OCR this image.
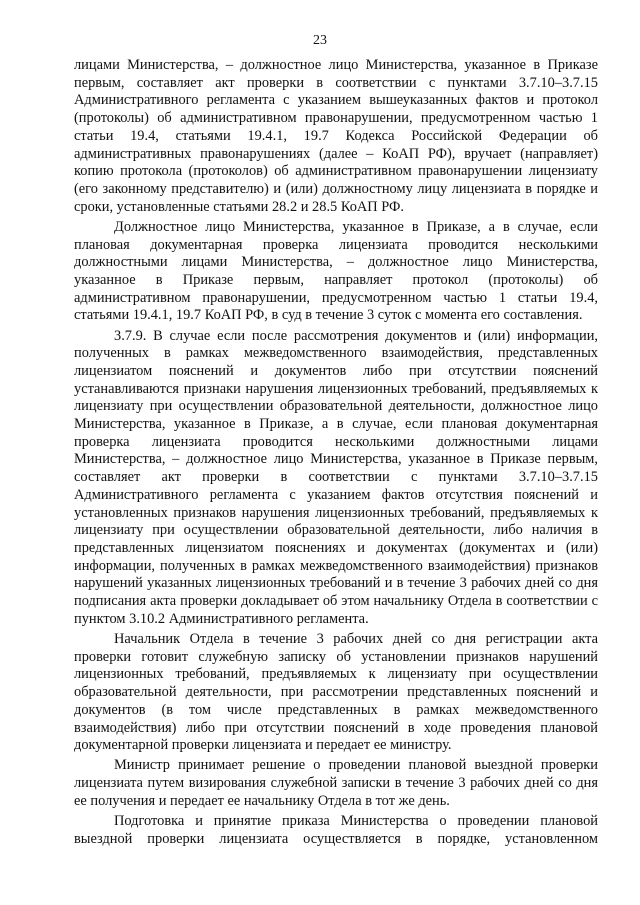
23

лицами Министерства, – должностное лицо Министерства, указанное в Приказе первым, составляет акт проверки в соответствии с пунктами 3.7.10–3.7.15 Административного регламента с указанием вышеуказанных фактов и протокол (протоколы) об административном правонарушении, предусмотренном частью 1 статьи 19.4, статьями 19.4.1, 19.7 Кодекса Российской Федерации об административных правонарушениях (далее – КоАП РФ), вручает (направляет) копию протокола (протоколов) об административном правонарушении лицензиату (его законному представителю) и (или) должностному лицу лицензиата в порядке и сроки, установленные статьями 28.2 и 28.5 КоАП РФ.

Должностное лицо Министерства, указанное в Приказе, а в случае, если плановая документарная проверка лицензиата проводится несколькими должностными лицами Министерства, – должностное лицо Министерства, указанное в Приказе первым, направляет протокол (протоколы) об административном правонарушении, предусмотренном частью 1 статьи 19.4, статьями 19.4.1, 19.7 КоАП РФ, в суд в течение 3 суток с момента его составления.

3.7.9. В случае если после рассмотрения документов и (или) информации, полученных в рамках межведомственного взаимодействия, представленных лицензиатом пояснений и документов либо при отсутствии пояснений устанавливаются признаки нарушения лицензионных требований, предъявляемых к лицензиату при осуществлении образовательной деятельности, должностное лицо Министерства, указанное в Приказе, а в случае, если плановая документарная проверка лицензиата проводится несколькими должностными лицами Министерства, – должностное лицо Министерства, указанное в Приказе первым, составляет акт проверки в соответствии с пунктами 3.7.10–3.7.15 Административного регламента с указанием фактов отсутствия пояснений и установленных признаков нарушения лицензионных требований, предъявляемых к лицензиату при осуществлении образовательной деятельности, либо наличия в представленных лицензиатом пояснениях и документах (документах и (или) информации, полученных в рамках межведомственного взаимодействия) признаков нарушений указанных лицензионных требований и в течение 3 рабочих дней со дня подписания акта проверки докладывает об этом начальнику Отдела в соответствии с пунктом 3.10.2 Административного регламента.

Начальник Отдела в течение 3 рабочих дней со дня регистрации акта проверки готовит служебную записку об установлении признаков нарушений лицензионных требований, предъявляемых к лицензиату при осуществлении образовательной деятельности, при рассмотрении представленных пояснений и документов (в том числе представленных в рамках межведомственного взаимодействия) либо при отсутствии пояснений в ходе проведения плановой документарной проверки лицензиата и передает ее министру.

Министр принимает решение о проведении плановой выездной проверки лицензиата путем визирования служебной записки в течение 3 рабочих дней со дня ее получения и передает ее начальнику Отдела в тот же день.

Подготовка и принятие приказа Министерства о проведении плановой выездной проверки лицензиата осуществляется в порядке, установленном
